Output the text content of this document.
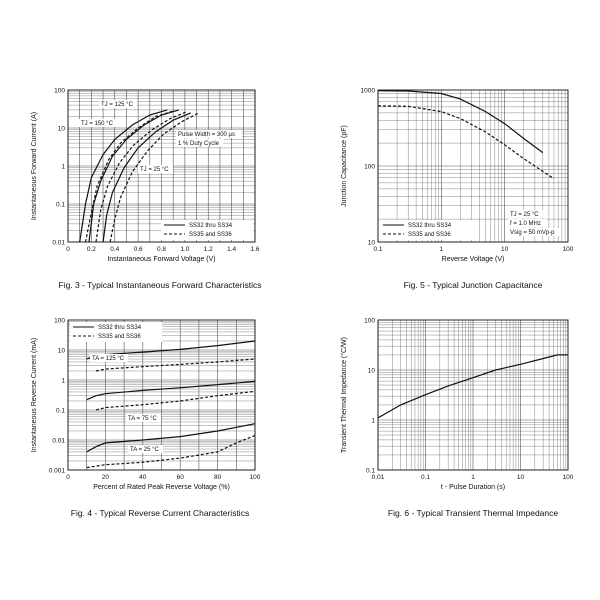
0	0.2 0.4 0.6 0.8 1.0 1.2 1.4 1.6
0.01
0.1
1
10
100
Instantaneous Forward Voltage (V)
Instantaneous Forward Current (A)
Fig. 3 - Typical Instantaneous Forward Characteristics
SS32 thru SS34
SS35 and SS36
TJ = 125 °C
TJ = 150 °C
TJ = 25 °C
Pulse Width = 300 µs
1 % Duty Cycle
0.1	1	10	100
10
100
1000
Reverse Voltage (V)
Junction Capacitance (pF)
Fig. 5 - Typical Junction Capacitance
SS32 thru SS34
SS35 and SS36
TJ = 25 °C
f = 1.0 MHz
Vsig = 50 mVp-p
0	20	40	60	80	100
0.001
0.01
0.1
1
10
100
Percent of Rated Peak Reverse Voltage (%)
Instantaneous Reverse Current (mA)
Fig. 4 - Typical Reverse Current Characteristics
SS32 thru SS34
SS35 and SS36
TA = 125 °C
TA = 75 °C
TA = 25 °C
0.01	0.1	1	10	100
0.1
1
10
100
t - Pulse Duration (s)
Transient Thermal Impedance (°C/W)
Fig. 6 - Typical Transient Thermal Impedance
